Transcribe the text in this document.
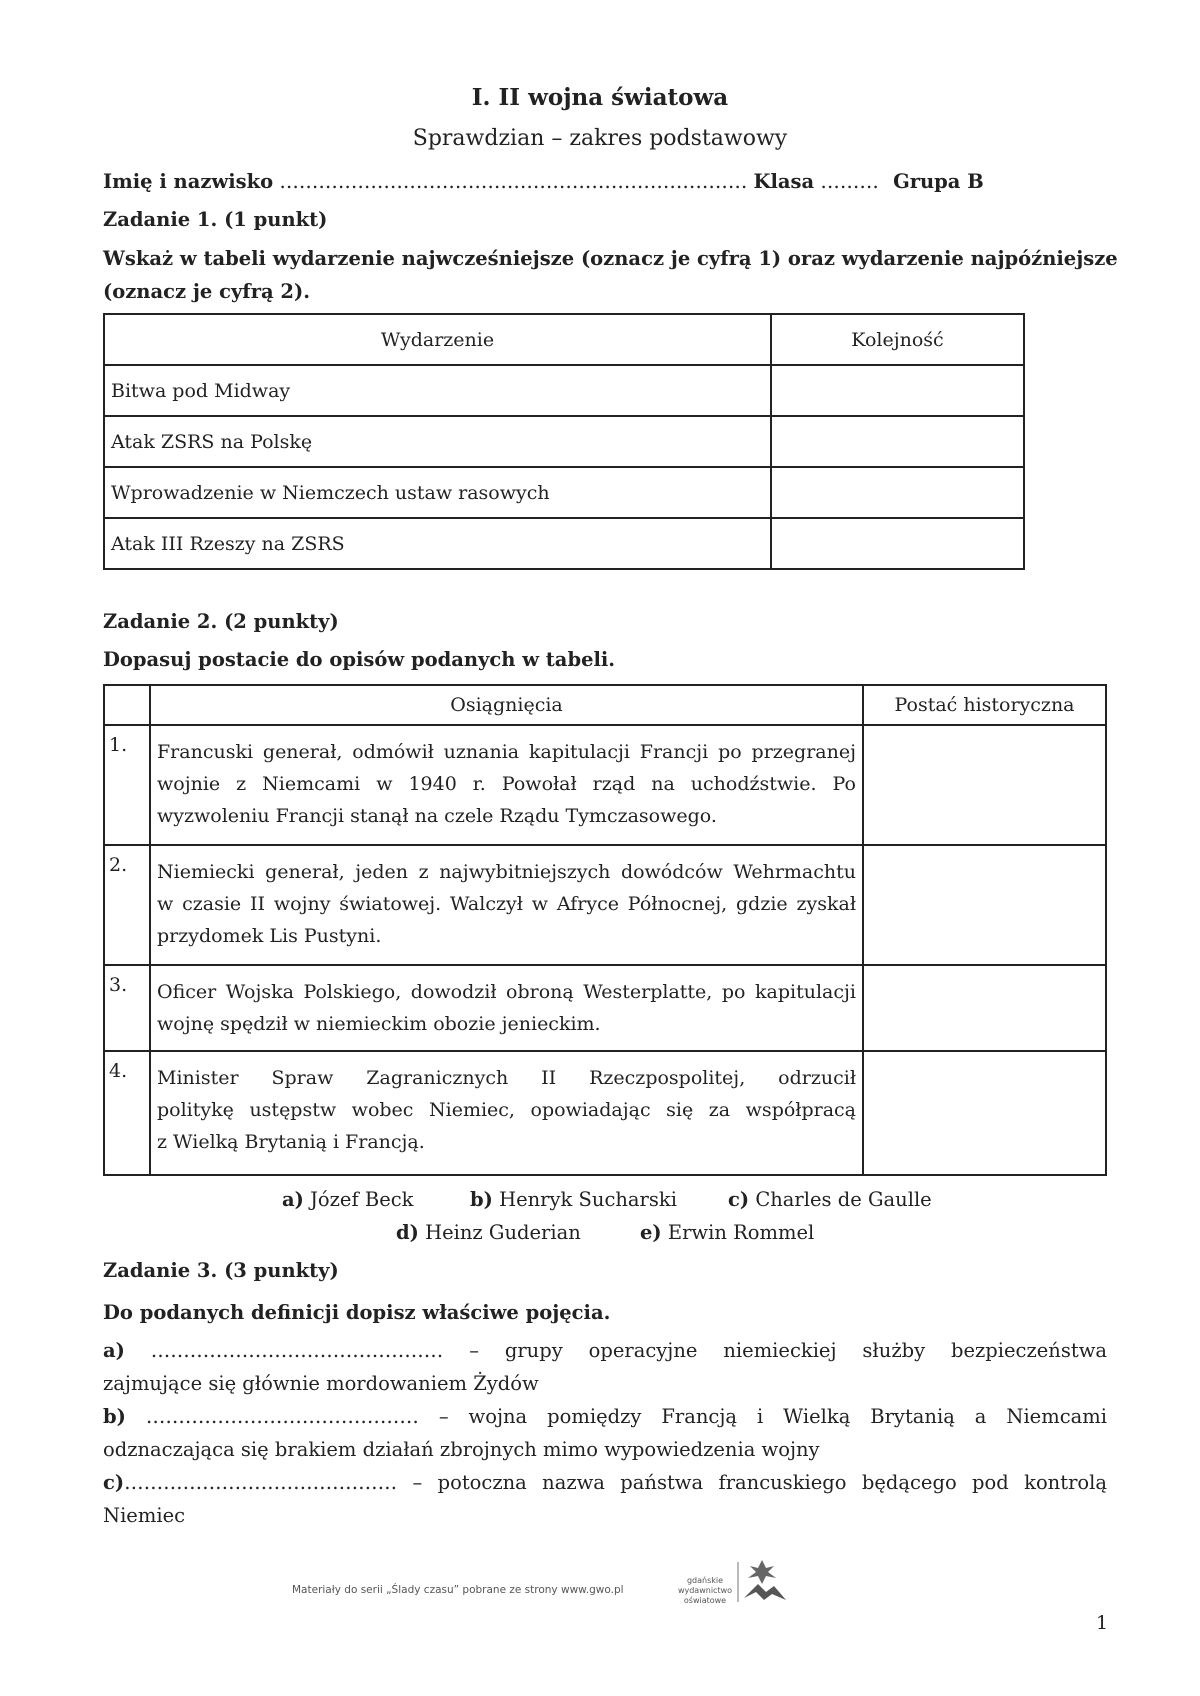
I. II wojna światowa
Sprawdzian – zakres podstawowy
Imię i nazwisko ……………………………………………………………… Klasa ……… Grupa B
Zadanie 1. (1 punkt)
Wskaż w tabeli wydarzenie najwcześniejsze (oznacz je cyfrą 1) oraz wydarzenie najpóźniejsze
(oznacz je cyfrą 2).
Wydarzenie	Kolejność
Bitwa pod Midway	
Atak ZSRS na Polskę	
Wprowadzenie w Niemczech ustaw rasowych	
Atak III Rzeszy na ZSRS	
Zadanie 2. (2 punkty)
Dopasuj postacie do opisów podanych w tabeli.
	Osiągnięcia	Postać historyczna
1.	Francuski generał, odmówił uznania kapitulacji Francji po przegranej
wojnie z Niemcami w 1940 r. Powołał rząd na uchodźstwie. Po
wyzwoleniu Francji stanął na czele Rządu Tymczasowego.	

2.	Niemiecki generał, jeden z najwybitniejszych dowódców Wehrmachtu
w czasie II wojny światowej. Walczył w Afryce Północnej, gdzie zyskał
przydomek Lis Pustyni.	

3.	Oficer Wojska Polskiego, dowodził obroną Westerplatte, po kapitulacji
wojnę spędził w niemieckim obozie jenieckim.	

4.	Minister Spraw Zagranicznych II Rzeczpospolitej, odrzucił
politykę ustępstw wobec Niemiec, opowiadając się za współpracą
z Wielką Brytanią i Francją.	

a) Józef Beck	b) Henryk Sucharski	c) Charles de Gaulle
d) Heinz Guderian	e) Erwin Rommel
Zadanie 3. (3 punkty)
Do podanych definicji dopisz właściwe pojęcia.
a) ……………………………………… – grupy operacyjne niemieckiej służby bezpieczeństwa
zajmujące się głównie mordowaniem Żydów
b) …………………………………… – wojna pomiędzy Francją i Wielką Brytanią a Niemcami
odznaczająca się brakiem działań zbrojnych mimo wypowiedzenia wojny
c)…………………………………… – potoczna nazwa państwa francuskiego będącego pod kontrolą
Niemiec
Materiały do serii „Ślady czasu” pobrane ze strony www.gwo.pl
gdańskie
wydawnictwo
oświatowe
1
